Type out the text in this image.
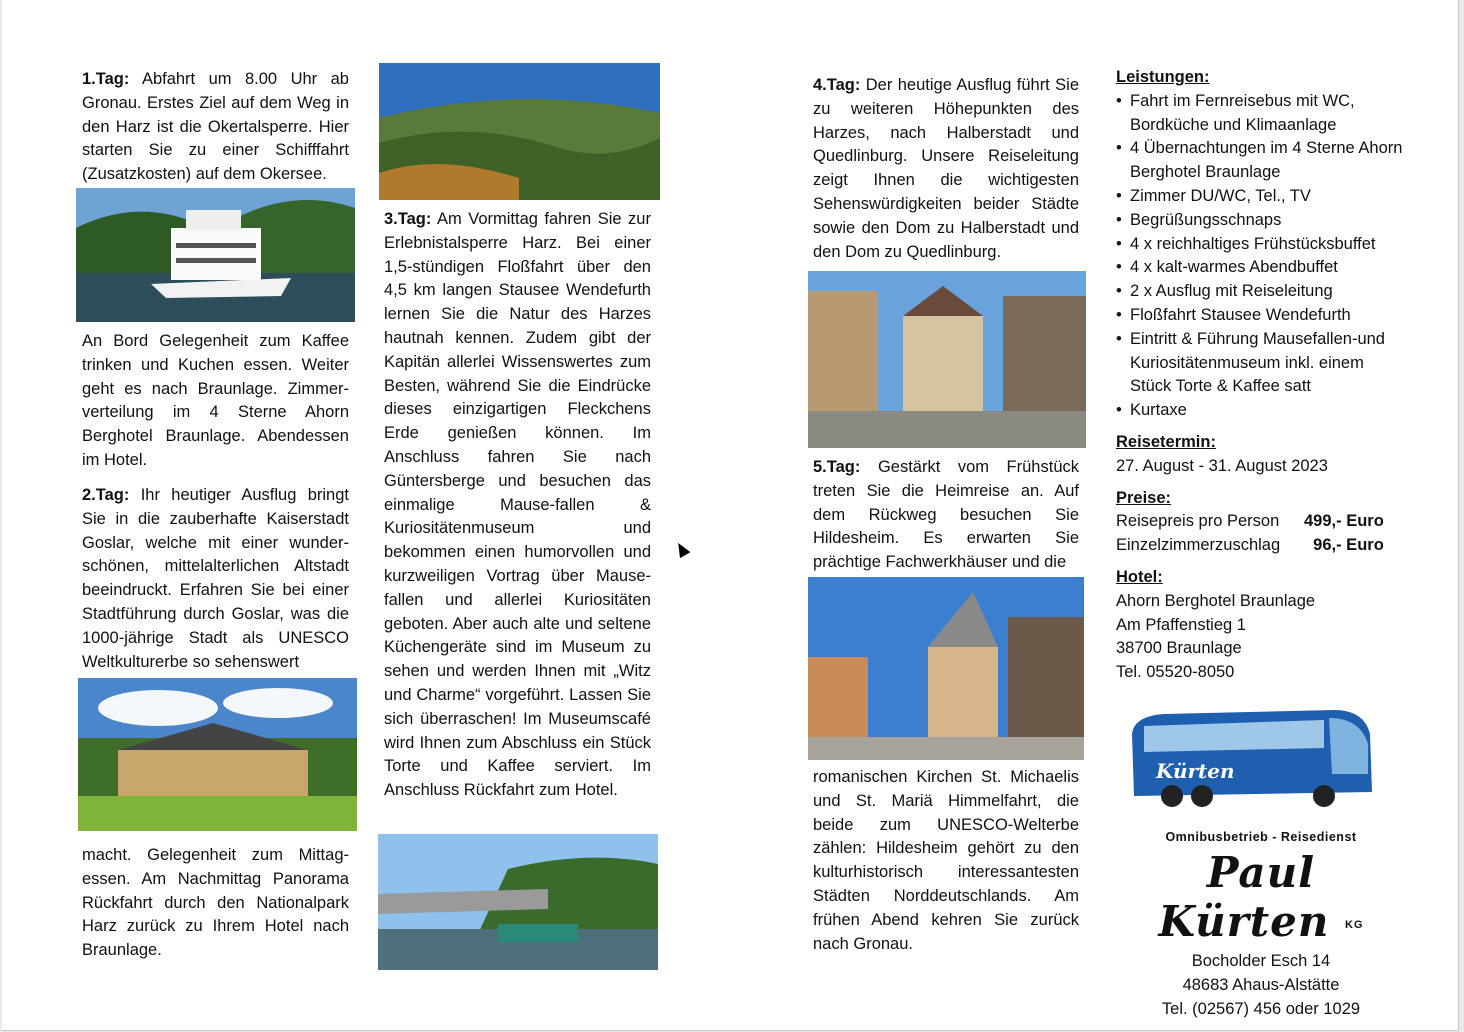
1.Tag: Abfahrt um 8.00 Uhr ab Gronau. Erstes Ziel auf dem Weg in den Harz ist die Okertalsperre. Hier starten Sie zu einer Schifffahrt (Zusatzkosten) auf dem Okersee.

An Bord Gelegenheit zum Kaffee trinken und Kuchen essen. Weiter geht es nach Braunlage. Zimmer-verteilung im 4 Sterne Ahorn Berghotel Braunlage. Abendessen im Hotel.

2.Tag: Ihr heutiger Ausflug bringt Sie in die zauberhafte Kaiserstadt Goslar, welche mit einer wunder-schönen, mittelalterlichen Altstadt beeindruckt. Erfahren Sie bei einer Stadtführung durch Goslar, was die 1000-jährige Stadt als UNESCO Weltkulturerbe so sehenswert

macht. Gelegenheit zum Mittag-essen. Am Nachmittag Panorama Rückfahrt durch den Nationalpark Harz zurück zu Ihrem Hotel nach Braunlage.

3.Tag: Am Vormittag fahren Sie zur Erlebnistalsperre Harz. Bei einer 1,5-stündigen Floßfahrt über den 4,5 km langen Stausee Wendefurth lernen Sie die Natur des Harzes hautnah kennen. Zudem gibt der Kapitän allerlei Wissenswertes zum Besten, während Sie die Eindrücke dieses einzigartigen Fleckchens Erde genießen können. Im Anschluss fahren Sie nach Güntersberge und besuchen das einmalige Mause-fallen & Kuriositätenmuseum und bekommen einen humorvollen und kurzweiligen Vortrag über Mause-fallen und allerlei Kuriositäten geboten. Aber auch alte und seltene Küchengeräte sind im Museum zu sehen und werden Ihnen mit „Witz und Charme“ vorgeführt. Lassen Sie sich überraschen! Im Museumscafé wird Ihnen zum Abschluss ein Stück Torte und Kaffee serviert. Im Anschluss Rückfahrt zum Hotel.

4.Tag: Der heutige Ausflug führt Sie zu weiteren Höhepunkten des Harzes, nach Halberstadt und Quedlinburg. Unsere Reiseleitung zeigt Ihnen die wichtigesten Sehenswürdigkeiten beider Städte sowie den Dom zu Halberstadt und den Dom zu Quedlinburg.

5.Tag: Gestärkt vom Frühstück treten Sie die Heimreise an. Auf dem Rückweg besuchen Sie Hildesheim. Es erwarten Sie prächtige Fachwerkhäuser und die

romanischen Kirchen St. Michaelis und St. Mariä Himmelfahrt, die beide zum UNESCO-Welterbe zählen: Hildesheim gehört zu den kulturhistorisch interessantesten Städten Norddeutschlands. Am frühen Abend kehren Sie zurück nach Gronau.

Leistungen:
• Fahrt im Fernreisebus mit WC, Bordküche und Klimaanlage
• 4 Übernachtungen im 4 Sterne Ahorn Berghotel Braunlage
• Zimmer DU/WC, Tel., TV
• Begrüßungsschnaps
• 4 x reichhaltiges Frühstücksbuffet
• 4 x kalt-warmes Abendbuffet
• 2 x Ausflug mit Reiseleitung
• Floßfahrt Stausee Wendefurth
• Eintritt & Führung Mausefallen-und Kuriositätenmuseum inkl. einem Stück Torte & Kaffee satt
• Kurtaxe
Reisetermin:
27. August - 31. August 2023
Preise:
Reisepreis pro Person	499,- Euro
Einzelzimmerzuschlag	96,- Euro
Hotel:
Ahorn Berghotel Braunlage
Am Pfaffenstieg 1
38700 Braunlage
Tel. 05520-8050
Kürten
Omnibusbetrieb - Reisedienst
Paul Kürten KG
Bocholder Esch 14
48683 Ahaus-Alstätte
Tel. (02567) 456 oder 1029
